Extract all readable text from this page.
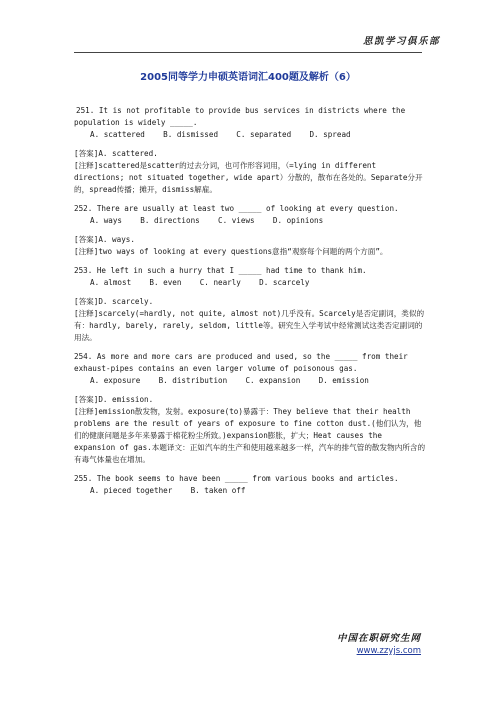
思凯学习俱乐部
2005同等学力申硕英语词汇400题及解析（6）

251. It is not profitable to provide bus services in districts where the population is widely _____.

A. scattered    B. dismissed    C. separated    D. spread

[答案]A. scattered.

[注释]scattered是scatter的过去分词，也可作形容词用，（=lying in different directions; not situated together, wide apart）分散的，散布在各处的。Separate分开的，spread传播；摊开，dismiss解雇。

252. There are usually at least two _____ of looking at every question.

A. ways    B. directions    C. views    D. opinions

[答案]A. ways.

[注释]two ways of looking at every questions意指“观察每个问题的两个方面”。

253. He left in such a hurry that I _____ had time to thank him.

A. almost    B. even    C. nearly    D. scarcely

[答案]D. scarcely.

[注释]scarcely(=hardly, not quite, almost not)几乎没有。Scarcely是否定副词，类似的有：hardly, barely, rarely, seldom, little等。研究生入学考试中经常测试这类否定副词的用法。

254. As more and more cars are produced and used, so the _____ from their exhaust-pipes contains an even larger volume of poisonous gas.

A. exposure    B. distribution    C. expansion    D. emission

[答案]D. emission.

[注释]emission散发物，发射。exposure(to)暴露于：They believe that their health problems are the result of years of exposure to fine cotton dust.(他们认为，他们的健康问题是多年来暴露于棉花粉尘所致。)expansion膨胀，扩大；Heat causes the expansion of gas.本题译文：正如汽车的生产和使用越来越多一样，汽车的排气管的散发物内所含的有毒气体量也在增加。

255. The book seems to have been _____ from various books and articles.

A. pieced together    B. taken off
中国在职研究生网
www.zzyjs.com
